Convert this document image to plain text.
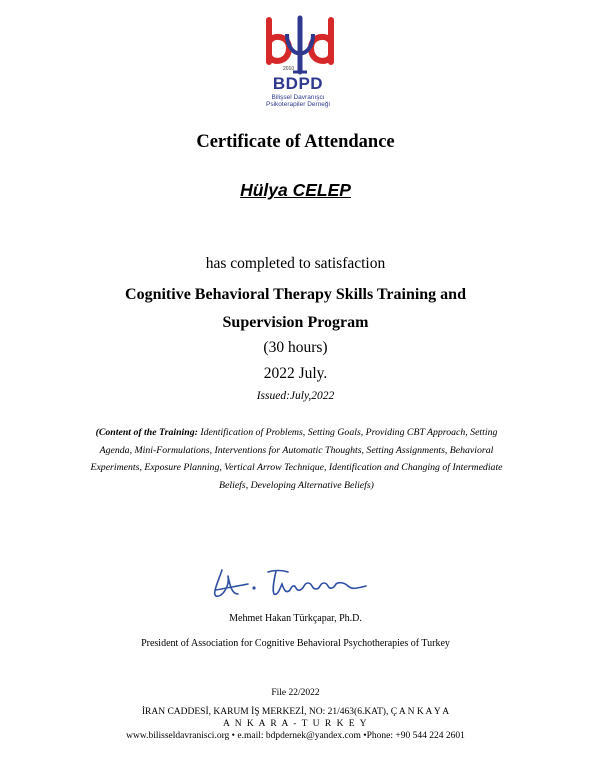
2010
BDPD
Bilişsel Davranışcı
Psikoterapiler Derneği
Certificate of Attendance
Hülya CELEP
has completed to satisfaction
Cognitive Behavioral Therapy Skills Training and
Supervision Program
(30 hours)
2022 July.
Issued:July,2022
(Content of the Training: Identification of Problems, Setting Goals, Providing CBT Approach, Setting Agenda, Mini-Formulations, Interventions for Automatic Thoughts, Setting Assignments, Behavioral Experiments, Exposure Planning, Vertical Arrow Technique, Identification and Changing of Intermediate Beliefs, Developing Alternative Beliefs)
Mehmet Hakan Türkçapar, Ph.D.
President of Association for Cognitive Behavioral Psychotherapies of Turkey
File 22/2022
İRAN CADDESİ, KARUM İŞ MERKEZİ, NO: 21/463(6.KAT), Ç A N K A Y A
A N K A R A - T U R K E Y
www.bilisseldavranisci.org • e.mail: bdpdernek@yandex.com •Phone: +90 544 224 2601
